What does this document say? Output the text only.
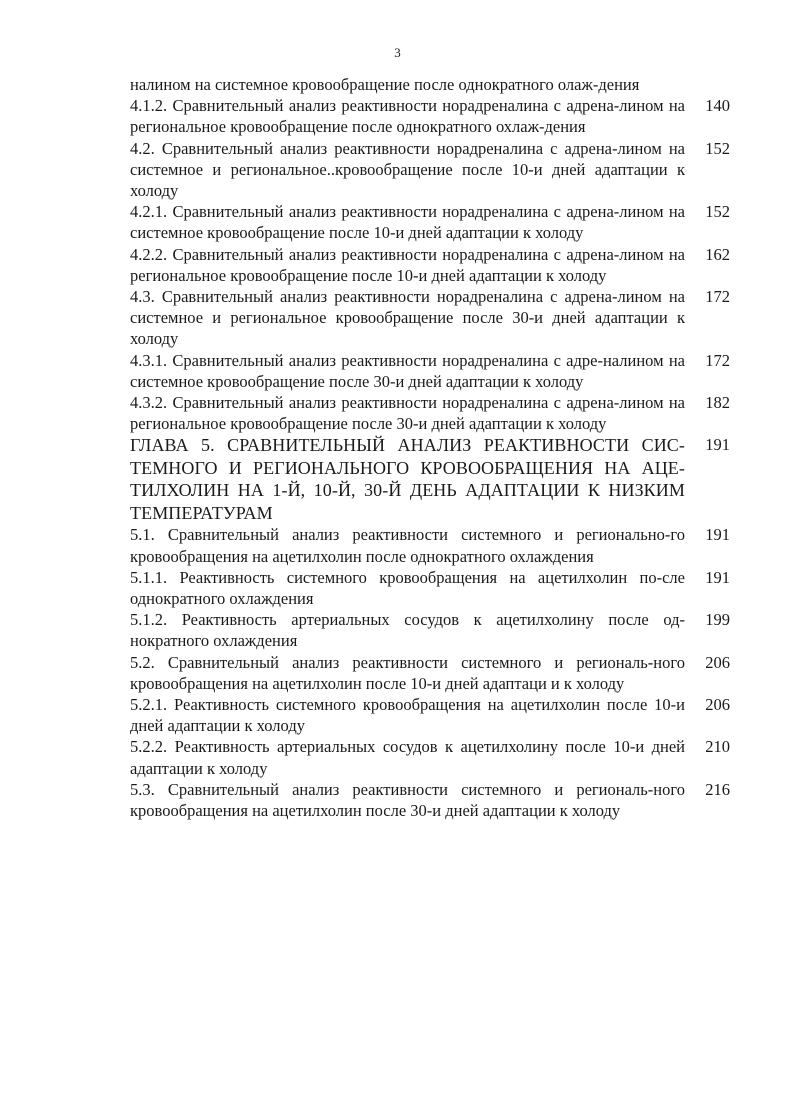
3
налином на системное кровообращение после однократного олаж-дения
4.1.2. Сравнительный анализ реактивности норадреналина с адрена-лином на региональное кровообращение после однократного охлаж-дения
140
4.2. Сравнительный анализ реактивности норадреналина с адрена-лином на системное и региональное..кровообращение после 10-и дней адаптации к холоду
152
4.2.1. Сравнительный анализ реактивности норадреналина с адрена-лином на системное кровообращение после 10-и дней адаптации к холоду
152
4.2.2. Сравнительный анализ реактивности норадреналина с адрена-лином на региональное кровообращение после 10-и дней адаптации к холоду
162
4.3. Сравнительный анализ реактивности норадреналина с адрена-лином на системное и региональное кровообращение после 30-и дней адаптации к холоду
172
4.3.1. Сравнительный анализ реактивности норадреналина с адре-налином на системное кровообращение после 30-и дней адаптации к холоду
172
4.3.2. Сравнительный анализ реактивности норадреналина с адрена-лином на региональное кровообращение после 30-и дней адаптации к холоду
182
ГЛАВА 5. СРАВНИТЕЛЬНЫЙ АНАЛИЗ РЕАКТИВНОСТИ СИС-ТЕМНОГО И РЕГИОНАЛЬНОГО КРОВООБРАЩЕНИЯ НА АЦЕ-ТИЛХОЛИН НА 1-Й, 10-Й, 30-Й ДЕНЬ АДАПТАЦИИ К НИЗКИМ ТЕМПЕРАТУРАМ
191
5.1. Сравнительный анализ реактивности системного и регионально-го кровообращения на ацетилхолин после однократного охлаждения
191
5.1.1. Реактивность системного кровообращения на ацетилхолин по-сле однократного охлаждения
191
5.1.2. Реактивность артериальных сосудов к ацетилхолину после од-нократного охлаждения
199
5.2. Сравнительный анализ реактивности системного и региональ-ного кровообращения на ацетилхолин после 10-и дней адаптаци и к холоду
206
5.2.1. Реактивность системного кровообращения на ацетилхолин после 10-и дней адаптации к холоду
206
5.2.2. Реактивность артериальных сосудов к ацетилхолину после 10-и дней адаптации к холоду
210
5.3. Сравнительный анализ реактивности системного и региональ-ного кровообращения на ацетилхолин после 30-и дней адаптации к холоду
216
